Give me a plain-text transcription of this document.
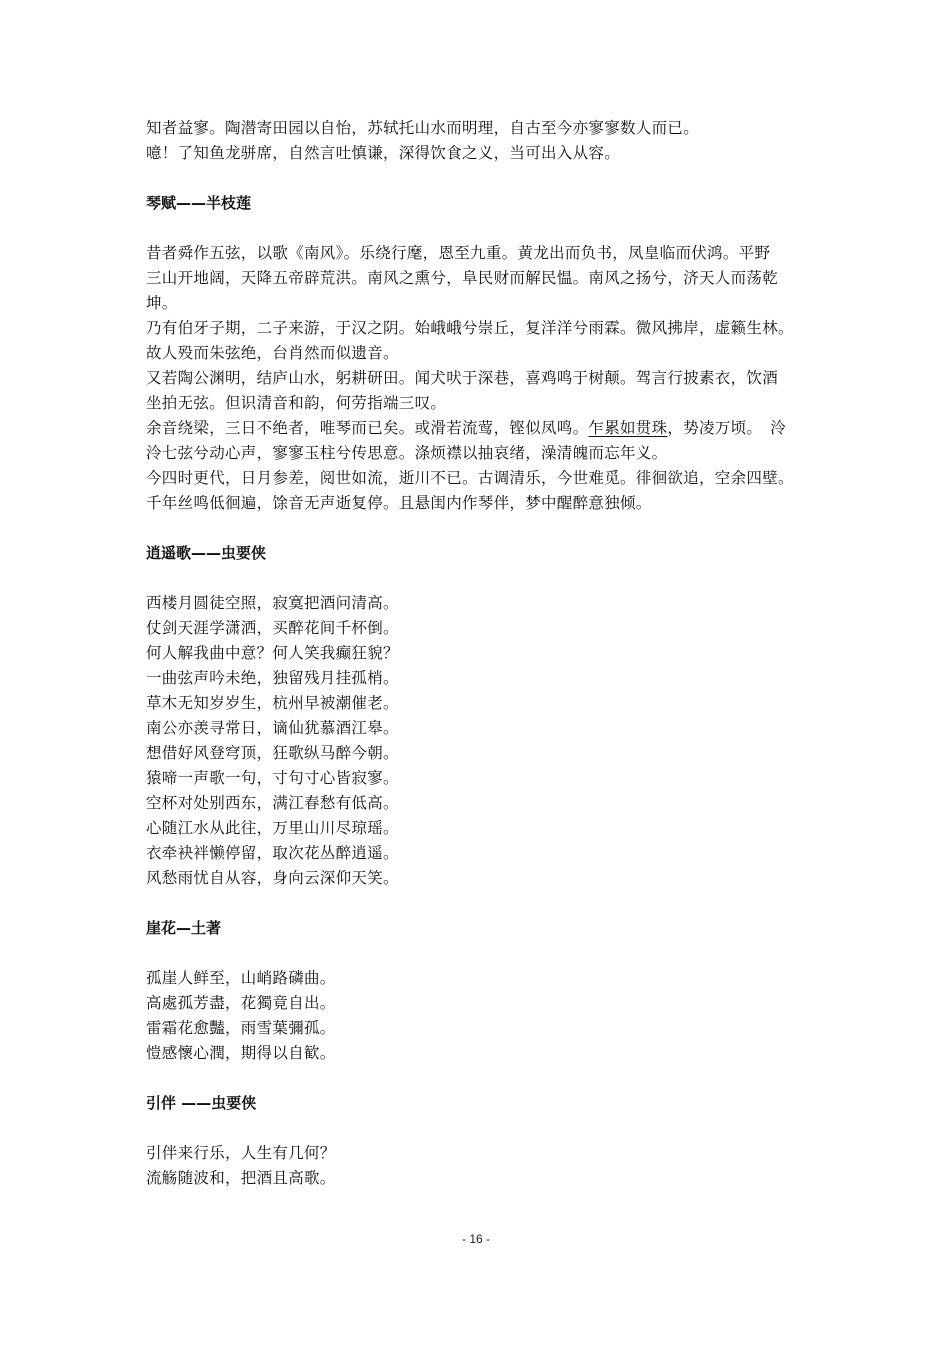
知者益寥。陶潜寄田园以自怡，苏轼托山水而明理，自古至今亦寥寥数人而已。
噫！了知鱼龙骈席，自然言吐慎谦，深得饮食之义，当可出入从容。
琴赋——半枝莲
昔者舜作五弦，以歌《南风》。乐绕行麾，恩至九重。黄龙出而负书，凤皇临而伏鸿。平野
三山开地阔，天降五帝辟荒洪。南风之熏兮，阜民财而解民愠。南风之扬兮，济天人而荡乾
坤。
乃有伯牙子期，二子来游，于汉之阴。始峨峨兮崇丘，复洋洋兮雨霖。微风拂岸，虚籁生林。
故人殁而朱弦绝，台肖然而似遗音。
又若陶公渊明，结庐山水，躬耕研田。闻犬吠于深巷，喜鸡鸣于树颠。驾言行披素衣，饮酒
坐拍无弦。但识清音和韵，何劳指端三叹。
余音绕梁，三日不绝者，唯琴而已矣。或滑若流莺，铿似凤鸣。乍累如贯珠，势凌万顷。　泠
泠七弦兮动心声，寥寥玉柱兮传思意。涤烦襟以抽哀绪，澡清魄而忘年义。
今四时更代，日月参差，阅世如流，逝川不已。古调清乐，今世难觅。徘徊欲追，空余四壁。
千年丝鸣低徊遍，馀音无声逝复停。且悬闺内作琴伴，梦中醒醉意独倾。
逍遥歌——虫要侠
西楼月圆徒空照，寂寞把酒问清高。
仗剑天涯学潇洒，买醉花间千杯倒。
何人解我曲中意？何人笑我癫狂貌？
一曲弦声吟未绝，独留残月挂孤梢。
草木无知岁岁生，杭州早被潮催老。
南公亦羡寻常日，谪仙犹慕酒江皋。
想借好风登穹顶，狂歌纵马醉今朝。
猿啼一声歌一句，寸句寸心皆寂寥。
空杯对处别西东，满江春愁有低高。
心随江水从此往，万里山川尽琼瑶。
衣牵袂袢懒停留，取次花丛醉逍遥。
风愁雨忧自从容，身向云深仰天笑。
崖花—土著
孤崖人鲜至，山峭路磷曲。
高處孤芳盡，花獨竟自出。
雷霜花愈豔，雨雪葉彌孤。
愷感懷心潤，期得以自歓。
引伴 ——虫要侠
引伴来行乐，人生有几何？
流觞随波和，把酒且高歌。
- 16 -
